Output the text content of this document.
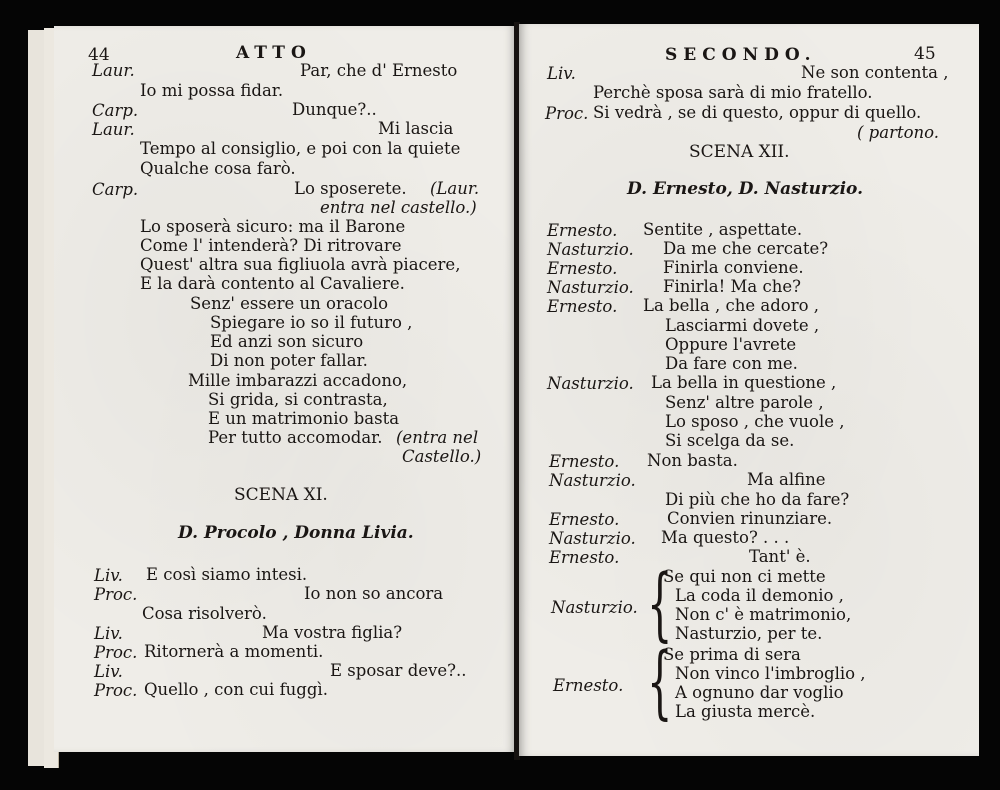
44	ATTO
Laur.	Par, che d' Ernesto
Io mi possa fidar.
Carp.	Dunque?..
Laur.	Mi lascia
Tempo al consiglio, e poi con la quiete
Qualche cosa farò.
Carp.	Lo sposerete. (Laur.
entra nel castello.)
Lo sposerà sicuro: ma il Barone
Come l' intenderà? Di ritrovare
Quest' altra sua figliuola avrà piacere,
E la darà contento al Cavaliere.
Senz' essere un oracolo
Spiegare io so il futuro ,
Ed anzi son sicuro
Di non poter fallar.
Mille imbarazzi accadono,
Si grida, si contrasta,
E un matrimonio basta
Per tutto accomodar. (entra nel
Castello.)
SCENA XI.
D. Procolo , Donna Livia.
Liv. E così siamo intesi.
Proc.	Io non so ancora
Cosa risolverò.
Liv.	Ma vostra figlia?
Proc. Ritornerà a momenti.
Liv.	E sposar deve?..
Proc. Quello , con cui fuggì.
SECONDO.	45
Liv.	Ne son contenta ,
Perchè sposa sarà di mio fratello.
Proc. Si vedrà , se di questo, oppur di quello.
( partono.
SCENA XII.
D. Ernesto, D. Nasturzio.
Ernesto. Sentite , aspettate.
Nasturzio. Da me che cercate?
Ernesto.	Finirla conviene.
Nasturzio. Finirla! Ma che?
Ernesto. La bella , che adoro ,
Lasciarmi dovete ,
Oppure l'avrete
Da fare con me.
Nasturzio. La bella in questione ,
Senz' altre parole ,
Lo sposo , che vuole ,
Si scelga da se.
Ernesto. Non basta.
Nasturzio.	Ma alfine
Di più che ho da fare?
Ernesto.	Convien rinunziare.
Nasturzio. Ma questo? . . .
Ernesto.	Tant' è.
Nasturzio. {
Se qui non ci mette
La coda il demonio ,
Non c' è matrimonio,
Nasturzio, per te.
Ernesto. {
Se prima di sera
Non vinco l'imbroglio ,
A ognuno dar voglio
La giusta mercè.
